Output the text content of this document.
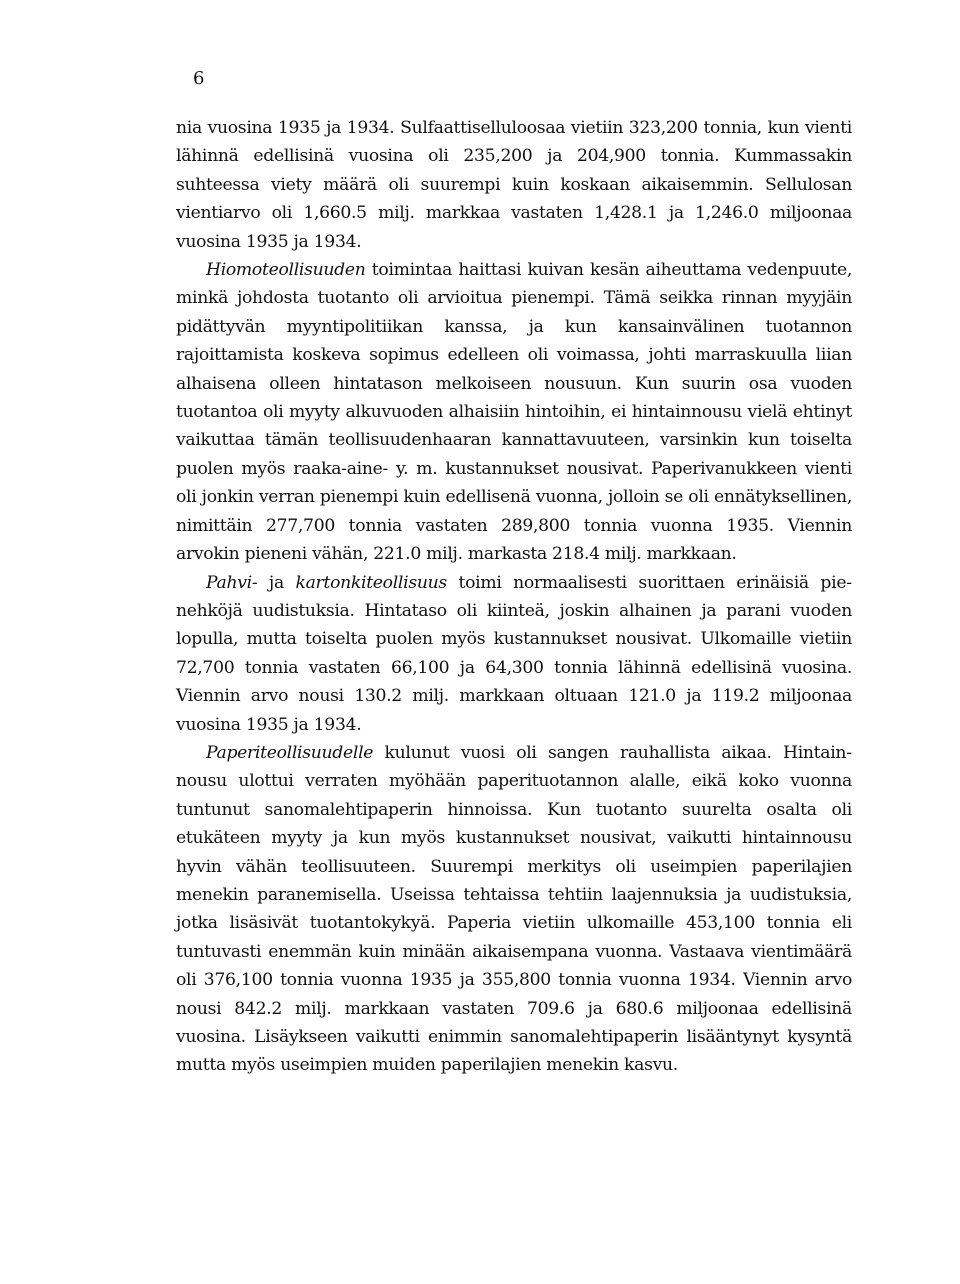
6

nia vuosina 1935 ja 1934. Sulfaattiselluloosaa vietiin 323,200 tonnia, kun vienti lähinnä edellisinä vuosina oli 235,200 ja 204,900 tonnia. Kummassakin suhteessa viety määrä oli suurempi kuin koskaan aikaisemmin. Sellulosan vientiarvo oli 1,660.5 milj. markkaa vastaten 1,428.1 ja 1,246.0 miljoonaa vuosina 1935 ja 1934.

Hiomoteollisuuden toimintaa haittasi kuivan kesän aiheuttama vedenpuute, minkä johdosta tuotanto oli arvioitua pienempi. Tämä seikka rinnan myyjäin pidättyvän myyntipolitiikan kanssa, ja kun kansainvälinen tuotannon rajoittamista koskeva sopimus edelleen oli voimassa, johti marraskuulla liian alhaisena olleen hintatason melkoiseen nousuun. Kun suurin osa vuoden tuotantoa oli myyty alkuvuoden alhaisiin hintoihin, ei hintainnousu vielä ehtinyt vaikuttaa tämän teollisuudenhaaran kannattavuuteen, varsinkin kun toiselta puolen myös raaka-aine- y. m. kustannukset nousivat. Paperivanukkeen vienti oli jonkin verran pienempi kuin edellisenä vuonna, jolloin se oli ennätyksellinen, nimittäin 277,700 tonnia vastaten 289,800 tonnia vuonna 1935. Viennin arvokin pieneni vähän, 221.0 milj. markasta 218.4 milj. markkaan.

Pahvi- ja kartonkiteollisuus toimi normaalisesti suorittaen erinäisiä pienehköjä uudistuksia. Hintataso oli kiinteä, joskin alhainen ja parani vuoden lopulla, mutta toiselta puolen myös kustannukset nousivat. Ulkomaille vietiin 72,700 tonnia vastaten 66,100 ja 64,300 tonnia lähinnä edellisinä vuosina. Viennin arvo nousi 130.2 milj. markkaan oltuaan 121.0 ja 119.2 miljoonaa vuosina 1935 ja 1934.

Paperiteollisuudelle kulunut vuosi oli sangen rauhallista aikaa. Hintainnousu ulottui verraten myöhään paperituotannon alalle, eikä koko vuonna tuntunut sanomalehtipaperin hinnoissa. Kun tuotanto suurelta osalta oli etukäteen myyty ja kun myös kustannukset nousivat, vaikutti hintainnousu hyvin vähän teollisuuteen. Suurempi merkitys oli useimpien paperilajien menekin paranemisella. Useissa tehtaissa tehtiin laajennuksia ja uudistuksia, jotka lisäsivät tuotantokykyä. Paperia vietiin ulkomaille 453,100 tonnia eli tuntuvasti enemmän kuin minään aikaisempana vuonna. Vastaava vientimäärä oli 376,100 tonnia vuonna 1935 ja 355,800 tonnia vuonna 1934. Viennin arvo nousi 842.2 milj. markkaan vastaten 709.6 ja 680.6 miljoonaa edellisinä vuosina. Lisäykseen vaikutti enimmin sanomalehtipaperin lisääntynyt kysyntä mutta myös useimpien muiden paperilajien menekin kasvu.
